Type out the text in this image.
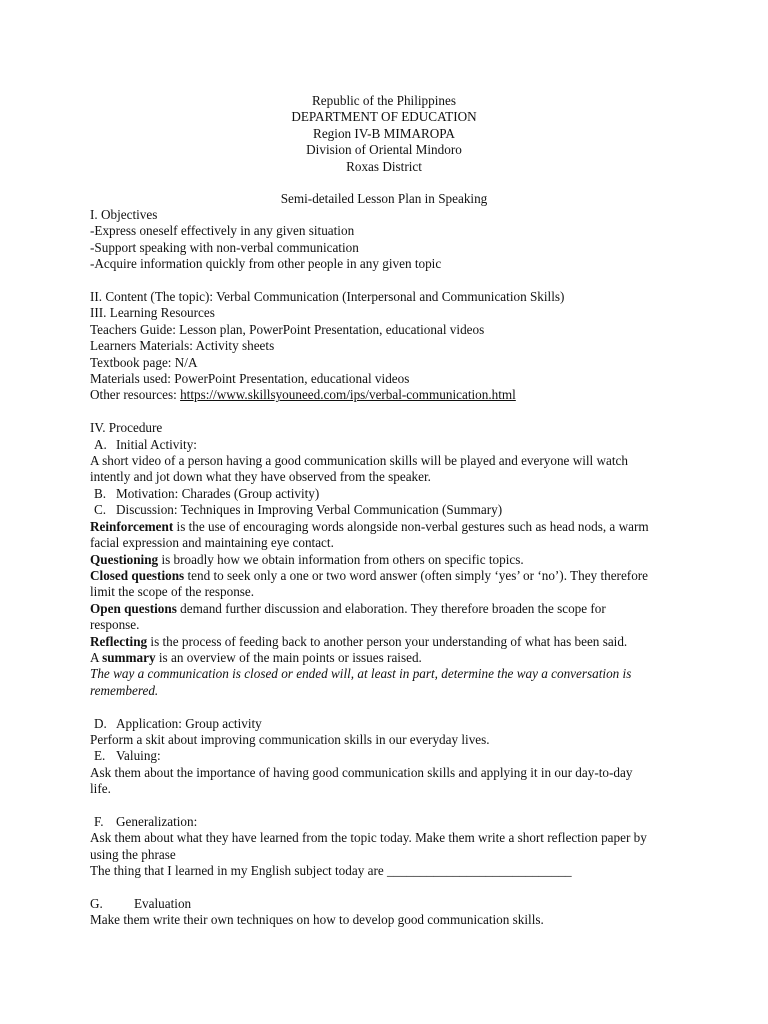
Republic of the Philippines
DEPARTMENT OF EDUCATION
Region IV-B MIMAROPA
Division of Oriental Mindoro
Roxas District
Semi-detailed Lesson Plan in Speaking
I. Objectives
-Express oneself effectively in any given situation
-Support speaking with non-verbal communication
-Acquire information quickly from other people in any given topic
II. Content (The topic): Verbal Communication (Interpersonal and Communication Skills)
III. Learning Resources
Teachers Guide: Lesson plan, PowerPoint Presentation, educational videos
Learners Materials: Activity sheets
Textbook page: N/A
Materials used: PowerPoint Presentation, educational videos
Other resources: https://www.skillsyouneed.com/ips/verbal-communication.html
IV. Procedure
A. Initial Activity:
A short video of a person having a good communication skills will be played and everyone will watch
intently and jot down what they have observed from the speaker.
B. Motivation: Charades (Group activity)
C. Discussion: Techniques in Improving Verbal Communication (Summary)
Reinforcement is the use of encouraging words alongside non-verbal gestures such as head nods, a warm
facial expression and maintaining eye contact.
Questioning is broadly how we obtain information from others on specific topics.
Closed questions tend to seek only a one or two word answer (often simply ‘yes’ or ‘no’). They therefore
limit the scope of the response.
Open questions demand further discussion and elaboration. They therefore broaden the scope for
response.
Reflecting is the process of feeding back to another person your understanding of what has been said.
A summary is an overview of the main points or issues raised.
The way a communication is closed or ended will, at least in part, determine the way a conversation is
remembered.
D. Application: Group activity
Perform a skit about improving communication skills in our everyday lives.
E. Valuing:
Ask them about the importance of having good communication skills and applying it in our day-to-day
life.
F. Generalization:
Ask them about what they have learned from the topic today. Make them write a short reflection paper by
using the phrase
The thing that I learned in my English subject today are ____________________________
G. Evaluation
Make them write their own techniques on how to develop good communication skills.
